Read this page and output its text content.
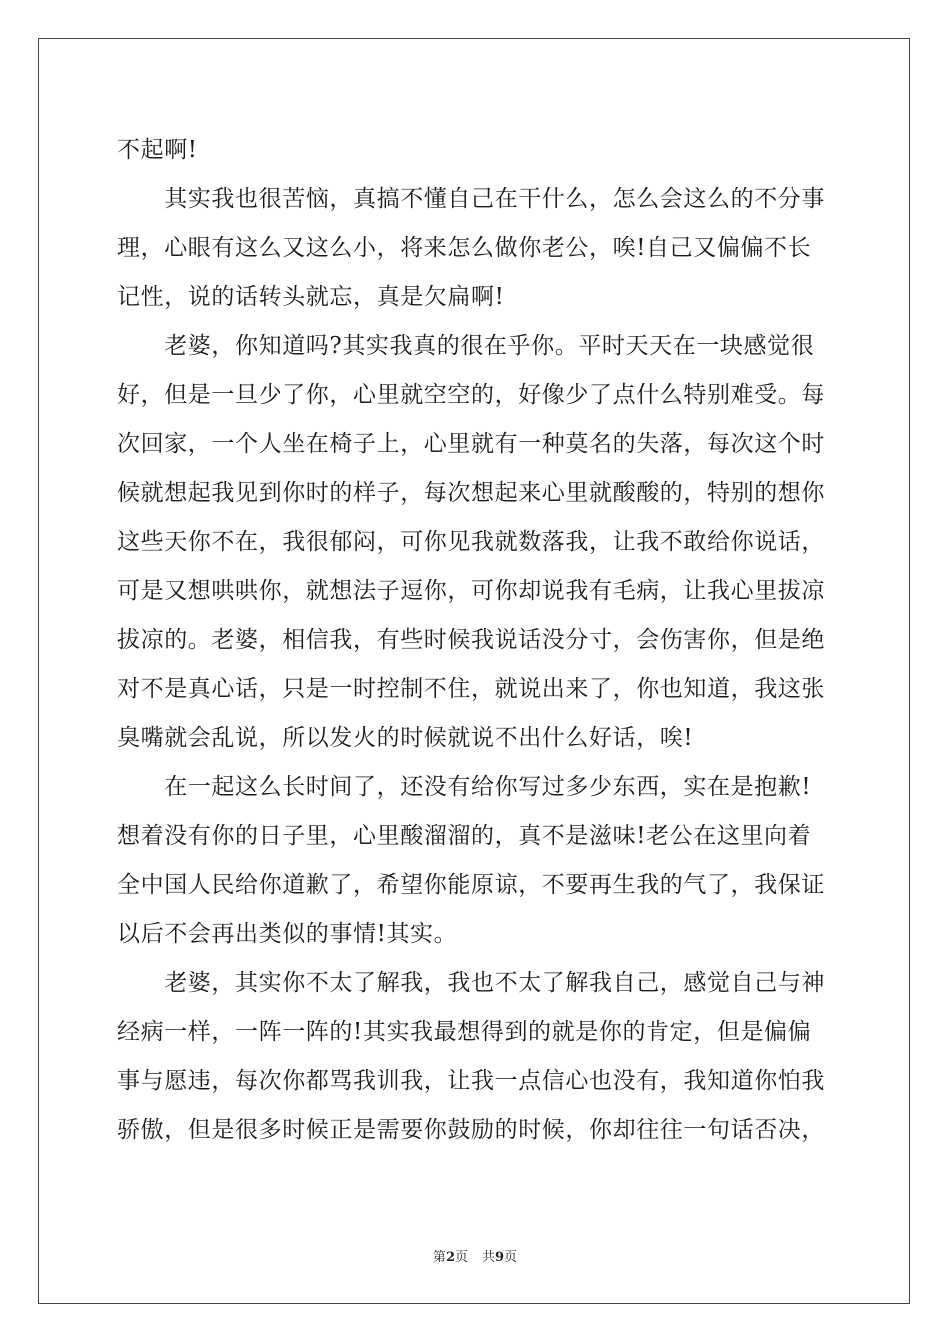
不起啊!
　　其实我也很苦恼，真搞不懂自己在干什么，怎么会这么的不分事
理，心眼有这么又这么小，将来怎么做你老公，唉!自己又偏偏不长
记性，说的话转头就忘，真是欠扁啊!
　　老婆，你知道吗?其实我真的很在乎你。平时天天在一块感觉很
好，但是一旦少了你，心里就空空的，好像少了点什么特别难受。每
次回家，一个人坐在椅子上，心里就有一种莫名的失落，每次这个时
候就想起我见到你时的样子，每次想起来心里就酸酸的，特别的想你
这些天你不在，我很郁闷，可你见我就数落我，让我不敢给你说话，
可是又想哄哄你，就想法子逗你，可你却说我有毛病，让我心里拔凉
拔凉的。老婆，相信我，有些时候我说话没分寸，会伤害你，但是绝
对不是真心话，只是一时控制不住，就说出来了，你也知道，我这张
臭嘴就会乱说，所以发火的时候就说不出什么好话，唉!
　　在一起这么长时间了，还没有给你写过多少东西，实在是抱歉!
想着没有你的日子里，心里酸溜溜的，真不是滋味!老公在这里向着
全中国人民给你道歉了，希望你能原谅，不要再生我的气了，我保证
以后不会再出类似的事情!其实。
　　老婆，其实你不太了解我，我也不太了解我自己，感觉自己与神
经病一样，一阵一阵的!其实我最想得到的就是你的肯定，但是偏偏
事与愿违，每次你都骂我训我，让我一点信心也没有，我知道你怕我
骄傲，但是很多时候正是需要你鼓励的时候，你却往往一句话否决，
第2页 共9页
